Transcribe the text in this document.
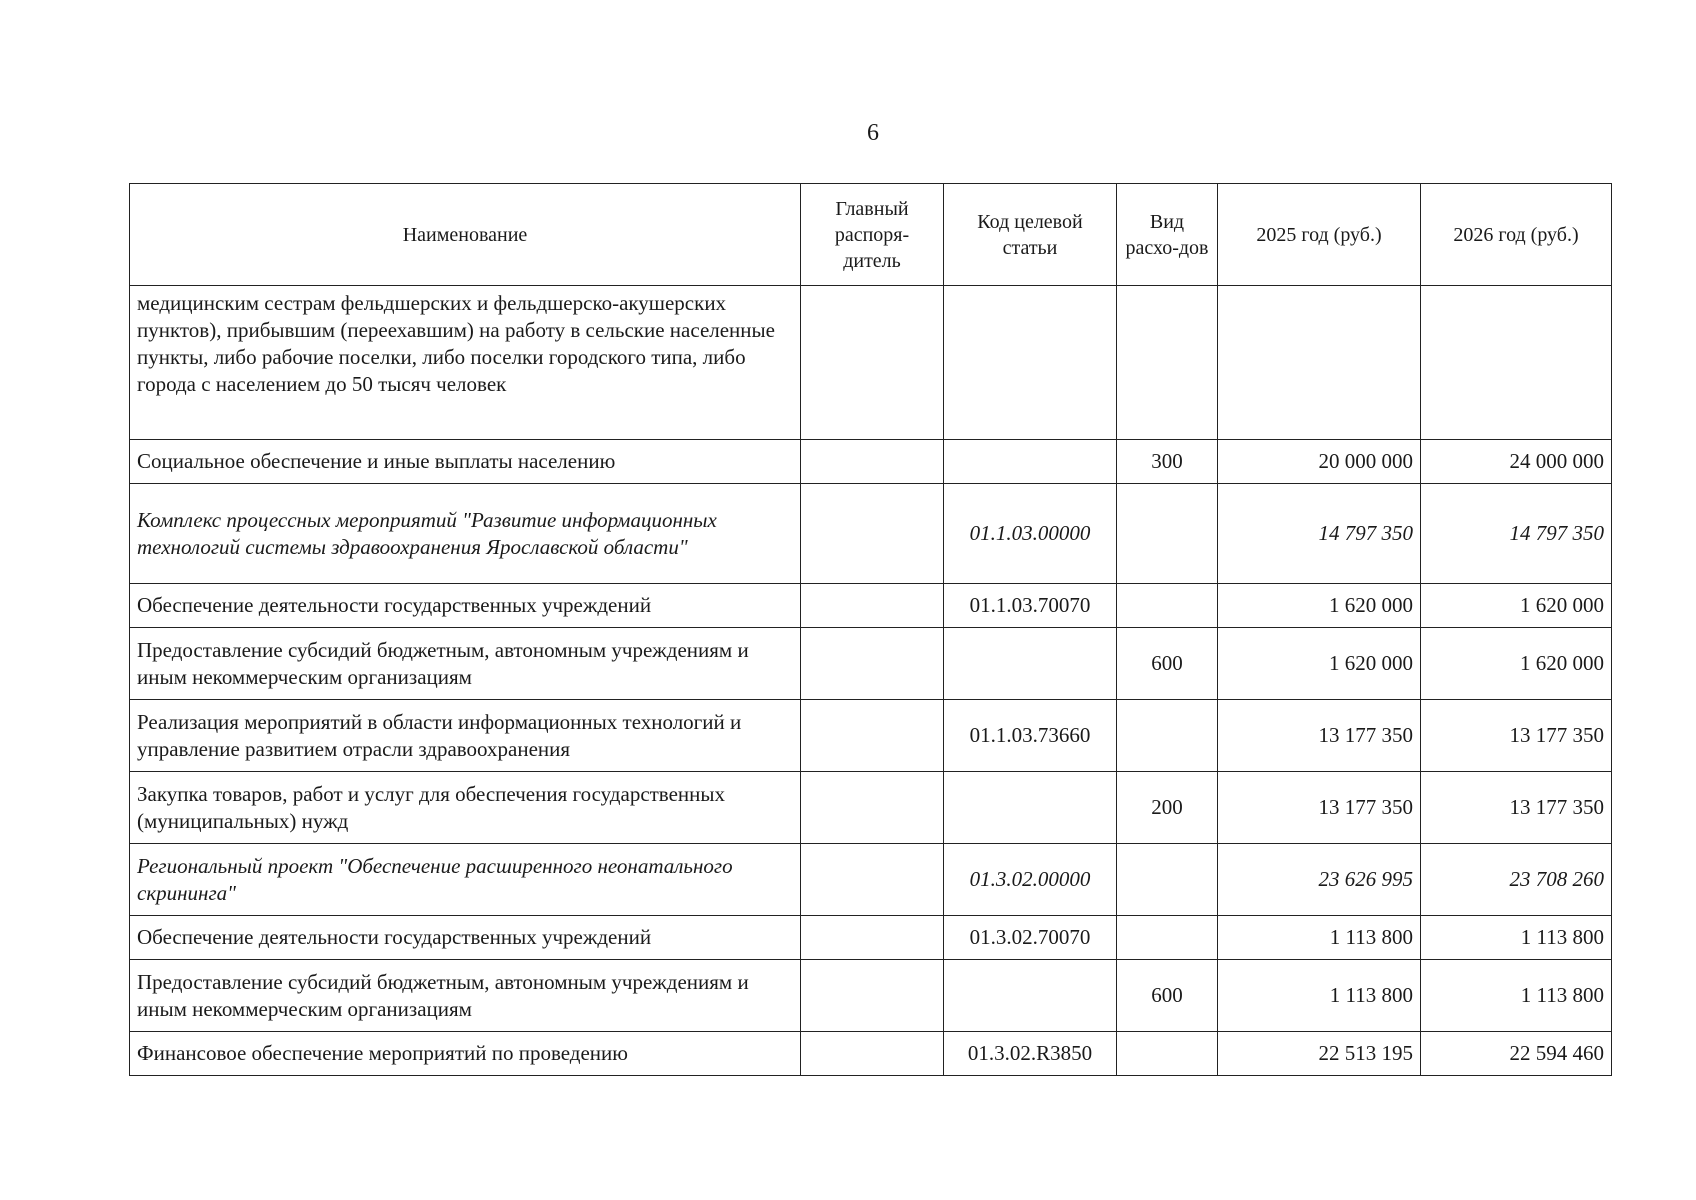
6
Наименование	Главный распоря-дитель	Код целевой статьи	Вид расхо-дов	2025 год (руб.)	2026 год (руб.)
медицинским сестрам фельдшерских и фельдшерско-акушерских пунктов), прибывшим (переехавшим) на работу в сельские населенные пункты, либо рабочие поселки, либо поселки городского типа, либо города с населением до 50 тысяч человек					
Социальное обеспечение и иные выплаты населению			300	20 000 000	24 000 000
Комплекс процессных мероприятий "Развитие информационных технологий системы здравоохранения Ярославской области"		01.1.03.00000		14 797 350	14 797 350
Обеспечение деятельности государственных учреждений		01.1.03.70070		1 620 000	1 620 000
Предоставление субсидий бюджетным, автономным учреждениям и иным некоммерческим организациям			600	1 620 000	1 620 000
Реализация мероприятий в области информационных технологий и управление развитием отрасли здравоохранения		01.1.03.73660		13 177 350	13 177 350
Закупка товаров, работ и услуг для обеспечения государственных (муниципальных) нужд			200	13 177 350	13 177 350
Региональный проект "Обеспечение расширенного неонатального скрининга"		01.3.02.00000		23 626 995	23 708 260
Обеспечение деятельности государственных учреждений		01.3.02.70070		1 113 800	1 113 800
Предоставление субсидий бюджетным, автономным учреждениям и иным некоммерческим организациям			600	1 113 800	1 113 800
Финансовое обеспечение мероприятий по проведению		01.3.02.R3850		22 513 195	22 594 460
